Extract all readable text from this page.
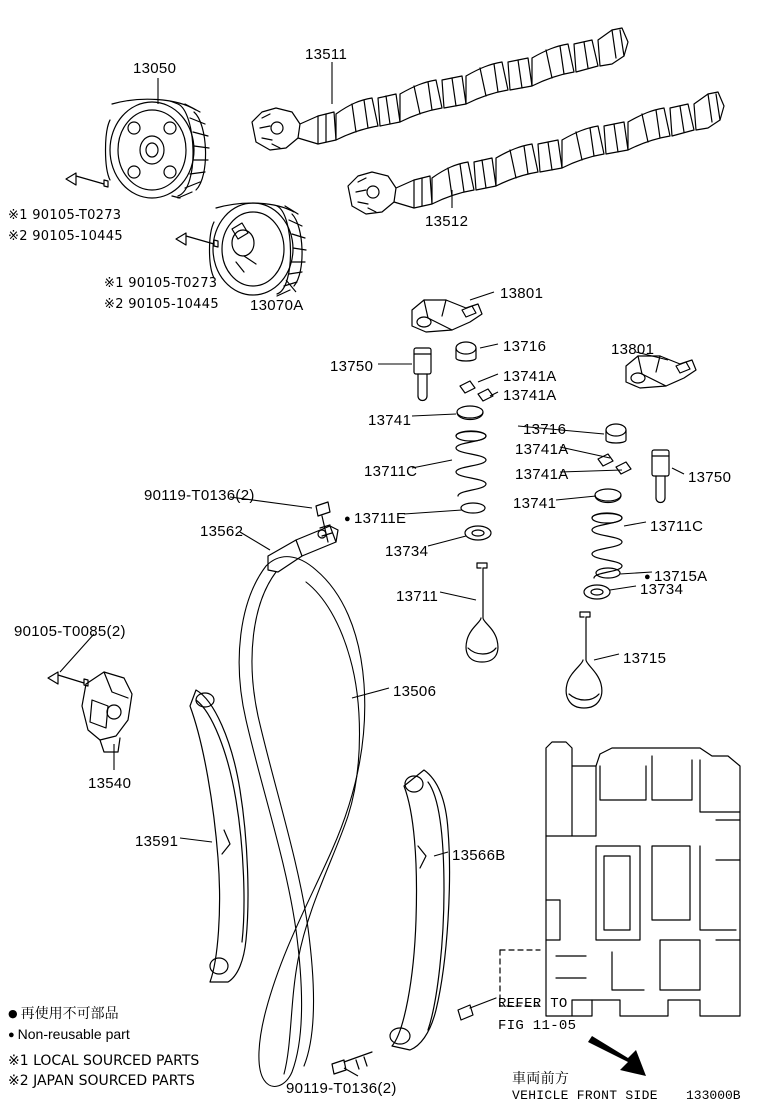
13050
13511
13512
※1 90105-T0273
※2 90105-10445
※1 90105-T0273
※2 90105-10445 13070A
13801
13716
13750
13741A
13741A
13741
13801
13716
13741A
13711C	13741A	13750
13741
90119-T0136(2)
● 13711E	13711C
13562
13734
● 13715A
13711	13734
90105-T0085(2)
13715
13506
13540
13591
13566B
90119-T0136(2)
REFER TO
FIG 11-05
車両前方
VEHICLE FRONT SIDE 133000B
● 再使用不可部品
● Non-reusable part
※1 LOCAL SOURCED PARTS
※2 JAPAN SOURCED PARTS
